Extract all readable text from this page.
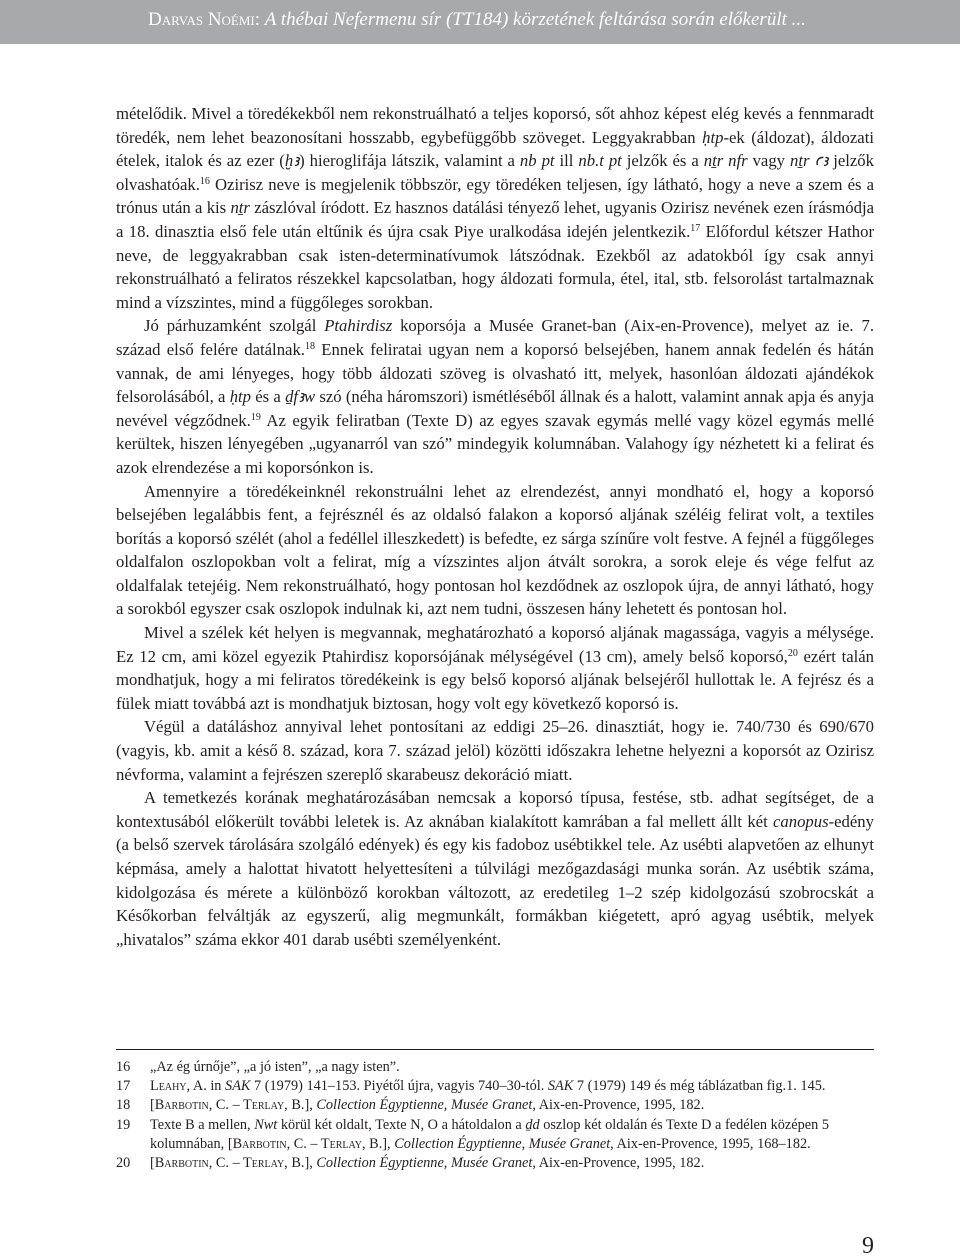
Darvas Noémi: A thébai Nefermenu sír (TT184) körzetének feltárása során előkerült ...

mételődik. Mivel a töredékekből nem rekonstruálható a teljes koporsó, sőt ahhoz képest elég kevés a fennmaradt töredék, nem lehet beazonosítani hosszabb, egybefüggőbb szöveget. Leggyakrabban ḥtp-ek (áldozat), áldozati ételek, italok és az ezer (ḫꜣ) hieroglifája látszik, valamint a nb pt ill nb.t pt jelzők és a nṯr nfr vagy nṯr ꜥꜣ jelzők olvashatóak.$^{16}$ Ozirisz neve is megjelenik többször, egy töredéken teljesen, így látható, hogy a neve a szem és a trónus után a kis nṯr zászlóval íródott. Ez hasznos datálási tényező lehet, ugyanis Ozirisz nevének ezen írásmódja a 18. dinasztia első fele után eltűnik és újra csak Piye uralkodása idején jelentkezik.$^{17}$ Előfordul kétszer Hathor neve, de leggyakrabban csak isten-determinatívumok látszódnak. Ezekből az adatokból így csak annyi rekonstruálható a feliratos részekkel kapcsolatban, hogy áldozati formula, étel, ital, stb. felsorolást tartalmaznak mind a vízszintes, mind a függőleges sorokban.

Jó párhuzamként szolgál Ptahirdisz koporsója a Musée Granet-ban (Aix-en-Provence), melyet az ie. 7. század első felére datálnak.$^{18}$ Ennek feliratai ugyan nem a koporsó belsejében, hanem annak fedelén és hátán vannak, de ami lényeges, hogy több áldozati szöveg is olvasható itt, melyek, hasonlóan áldozati ajándékok felsorolásából, a ḥtp és a ḏfꜣw szó (néha háromszori) ismétléséből állnak és a halott, valamint annak apja és anyja nevével végződnek.$^{19}$ Az egyik feliratban (Texte D) az egyes szavak egymás mellé vagy közel egymás mellé kerültek, hiszen lényegében „ugyanarról van szó” mindegyik kolumnában. Valahogy így nézhetett ki a felirat és azok elrendezése a mi koporsónkon is.

Amennyire a töredékeinknél rekonstruálni lehet az elrendezést, annyi mondható el, hogy a koporsó belsejében legalábbis fent, a fejrésznél és az oldalsó falakon a koporsó aljának széléig felirat volt, a textiles borítás a koporsó szélét (ahol a fedéllel illeszkedett) is befedte, ez sárga színűre volt festve. A fejnél a függőleges oldalfalon oszlopokban volt a felirat, míg a vízszintes aljon átvált sorokra, a sorok eleje és vége felfut az oldalfalak tetejéig. Nem rekonstruálható, hogy pontosan hol kezdődnek az oszlopok újra, de annyi látható, hogy a sorokból egyszer csak oszlopok indulnak ki, azt nem tudni, összesen hány lehetett és pontosan hol.

Mivel a szélek két helyen is megvannak, meghatározható a koporsó aljának magassága, vagyis a mélysége. Ez 12 cm, ami közel egyezik Ptahirdisz koporsójának mélységével (13 cm), amely belső koporsó,$^{20}$ ezért talán mondhatjuk, hogy a mi feliratos töredékeink is egy belső koporsó aljának belsejéről hullottak le. A fejrész és a fülek miatt továbbá azt is mondhatjuk biztosan, hogy volt egy következő koporsó is.

Végül a datáláshoz annyival lehet pontosítani az eddigi 25–26. dinasztiát, hogy ie. 740/730 és 690/670 (vagyis, kb. amit a késő 8. század, kora 7. század jelöl) közötti időszakra lehetne helyezni a koporsót az Ozirisz névforma, valamint a fejrészen szereplő skarabeusz dekoráció miatt.

A temetkezés korának meghatározásában nemcsak a koporsó típusa, festése, stb. adhat segítséget, de a kontextusából előkerült további leletek is. Az aknában kialakított kamrában a fal mellett állt két canopus-edény (a belső szervek tárolására szolgáló edények) és egy kis fadoboz usébtikkel tele. Az usébti alapvetően az elhunyt képmása, amely a halottat hivatott helyettesíteni a túlvilági mezőgazdasági munka során. Az usébtik száma, kidolgozása és mérete a különböző korokban változott, az eredetileg 1–2 szép kidolgozású szobrocskát a Későkorban felváltják az egyszerű, alig megmunkált, formákban kiégetett, apró agyag usébtik, melyek „hivatalos” száma ekkor 401 darab usébti személyenként.

16 „Az ég úrnője”, „a jó isten”, „a nagy isten”.

17 Leahy, A. in SAK 7 (1979) 141–153. Piyétől újra, vagyis 740–30-tól. SAK 7 (1979) 149 és még táblázatban fig.1. 145.

18 [Barbotin, C. – Terlay, B.], Collection Égyptienne, Musée Granet, Aix-en-Provence, 1995, 182.

19 Texte B a mellen, Nwt körül két oldalt, Texte N, O a hátoldalon a ḏd oszlop két oldalán és Texte D a fedélen középen 5 kolumnában, [Barbotin, C. – Terlay, B.], Collection Égyptienne, Musée Granet, Aix-en-Provence, 1995, 168–182.

20 [Barbotin, C. – Terlay, B.], Collection Égyptienne, Musée Granet, Aix-en-Provence, 1995, 182.

9
